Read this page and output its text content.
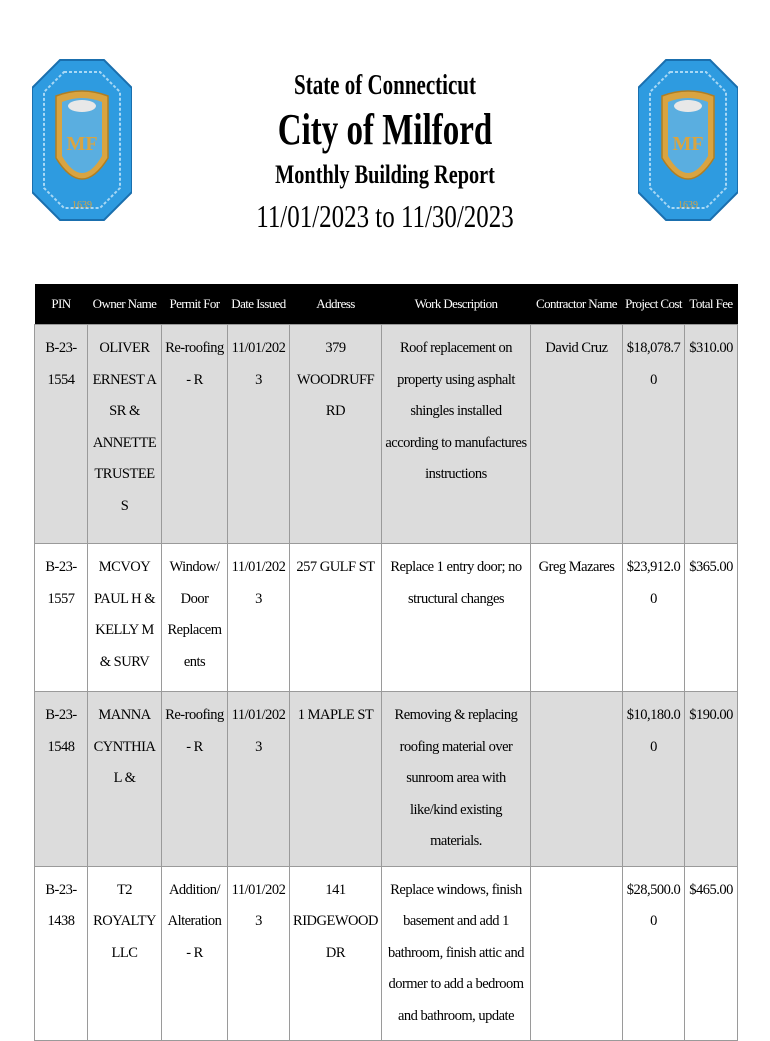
MF
1639
MF
1639
State of Connecticut
City of Milford
Monthly Building Report
11/01/2023 to 11/30/2023
PIN	Owner Name	Permit For	Date Issued	Address	Work Description	Contractor Name	Project Cost	Total Fee
B-23-1554	OLIVER ERNEST A SR & ANNETTE TRUSTEES	Re-roofing - R	11/01/2023	379 WOODRUFF RD	Roof replacement on property using asphalt shingles installed according to manufactures instructions	David Cruz	$18,078.70	$310.00
B-23-1557	MCVOY PAUL H & KELLY M & SURV	Window/Door Replacements	11/01/2023	257 GULF ST	Replace 1 entry door; no structural changes	Greg Mazares	$23,912.00	$365.00
B-23-1548	MANNA CYNTHIA L &	Re-roofing - R	11/01/2023	1 MAPLE ST	Removing & replacing roofing material over sunroom area with like/kind existing materials.		$10,180.00	$190.00
B-23-1438	T2 ROYALTY LLC	Addition/Alteration - R	11/01/2023	141 RIDGEWOOD DR	Replace windows, finish basement and add 1 bathroom, finish attic and dormer to add a bedroom and bathroom, update		$28,500.00	$465.00
